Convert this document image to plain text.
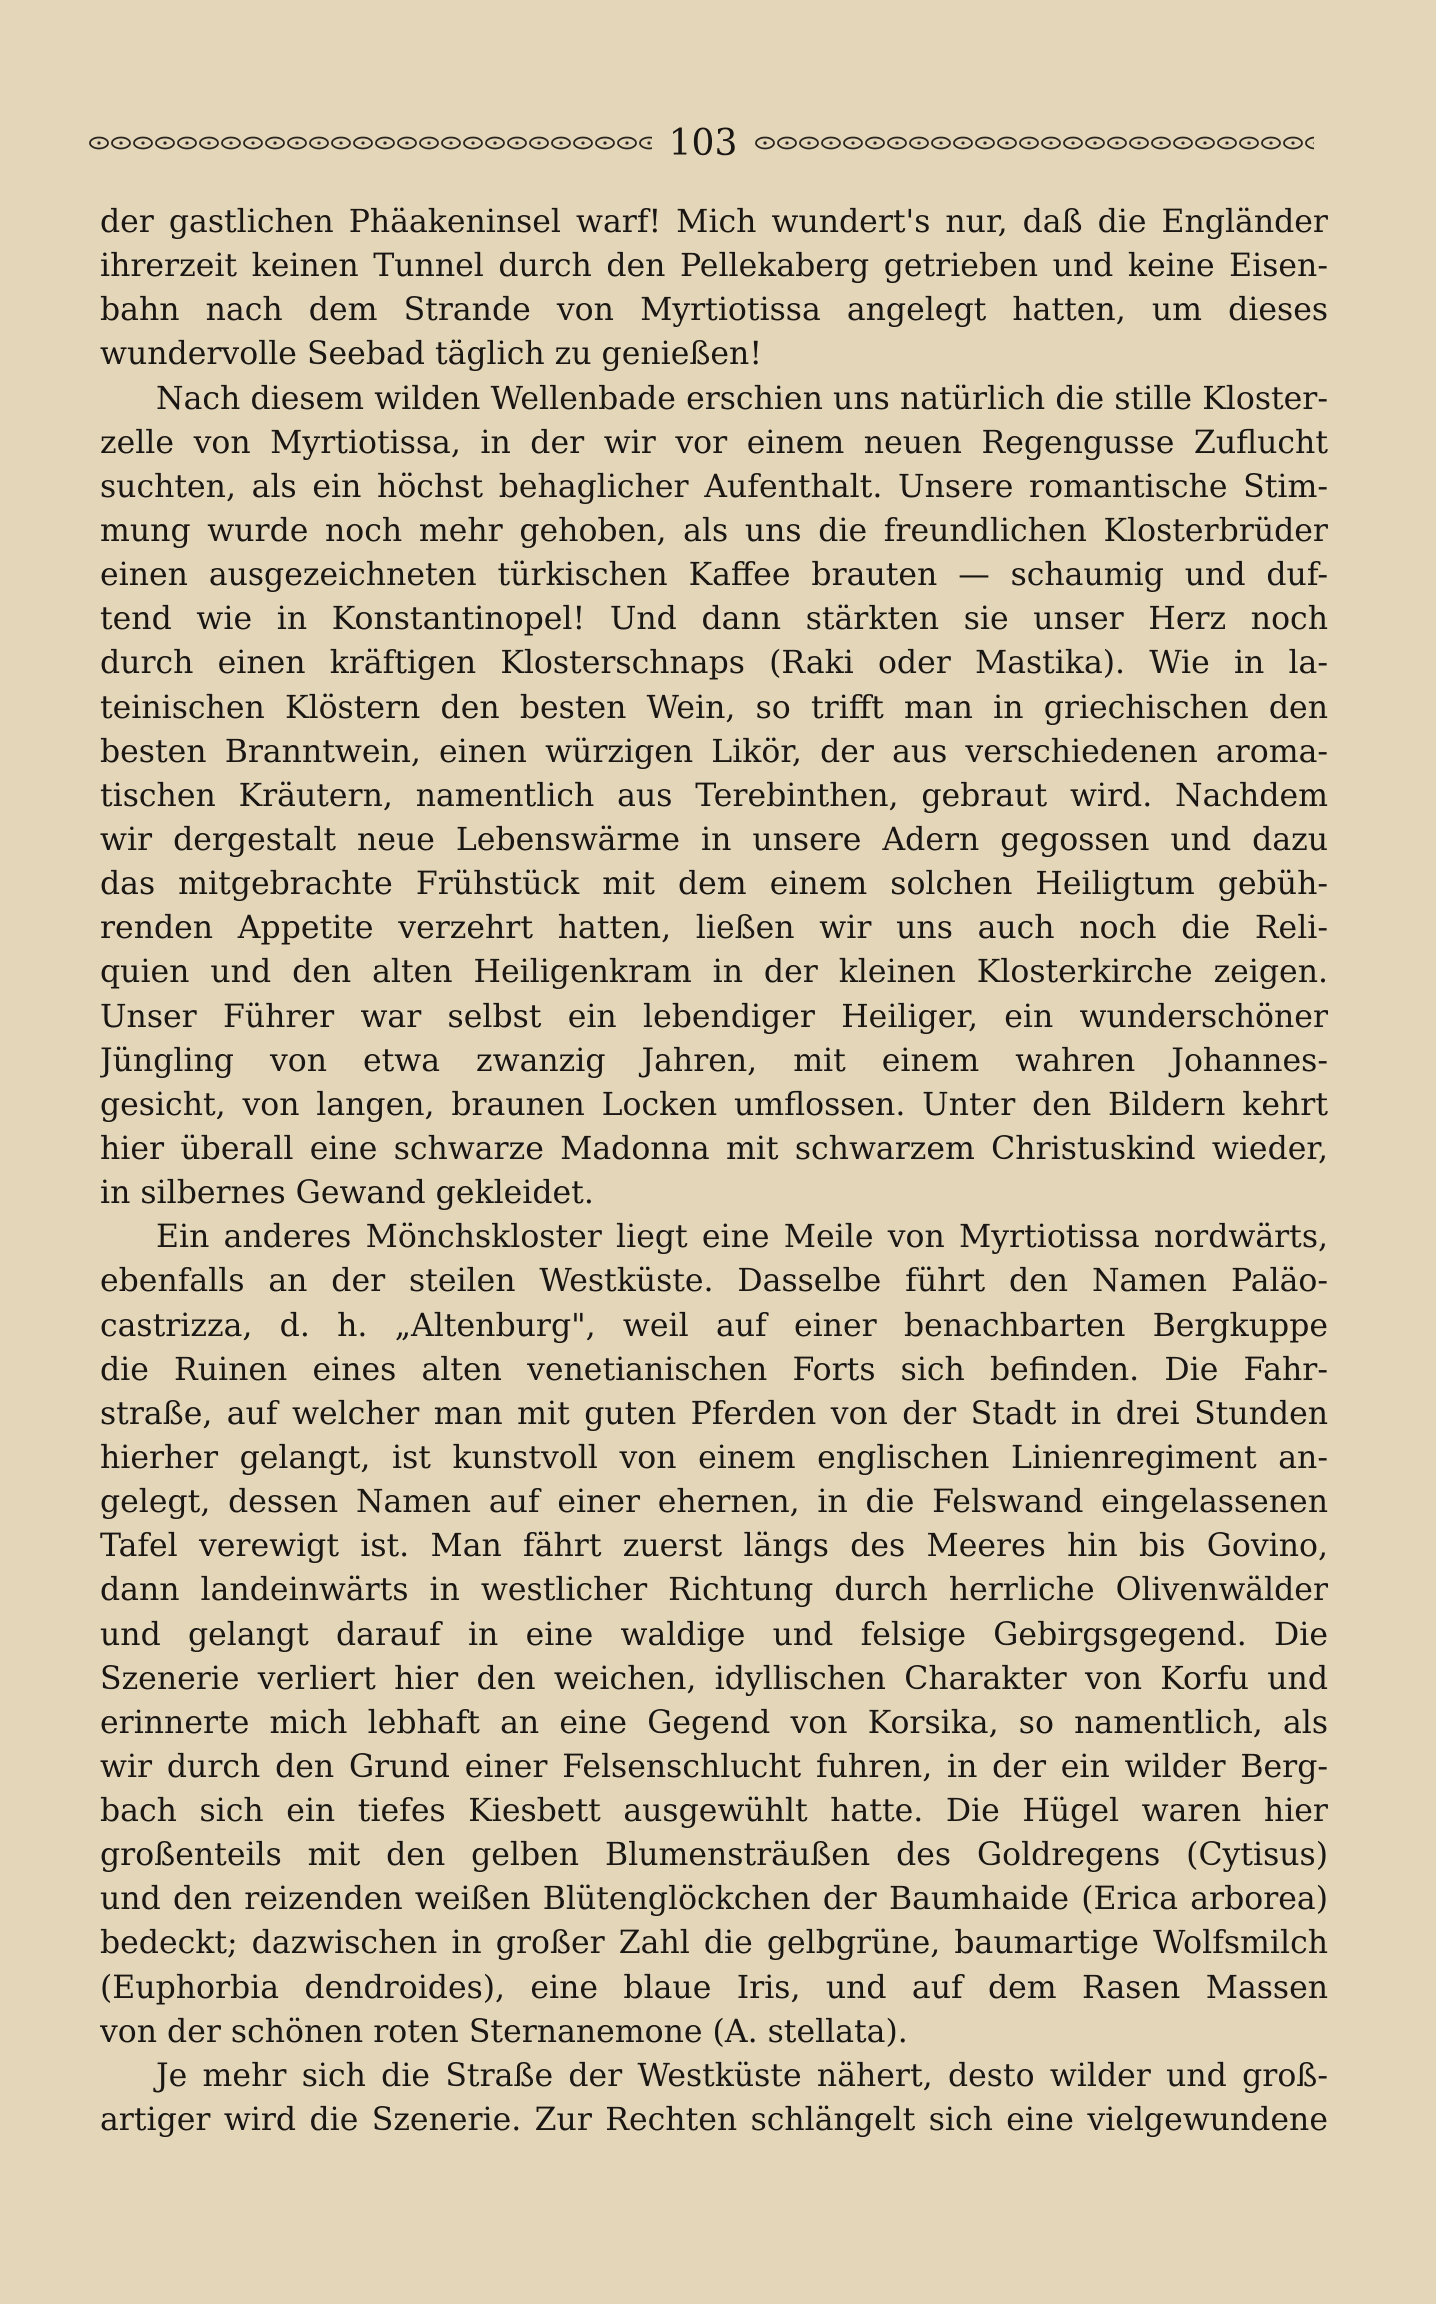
103
der gastlichen Phäakeninsel warf! Mich wundert's nur, daß die Engländer
ihrerzeit keinen Tunnel durch den Pellekaberg getrieben und keine Eisen-
bahn nach dem Strande von Myrtiotissa angelegt hatten, um dieses
wundervolle Seebad täglich zu genießen!
Nach diesem wilden Wellenbade erschien uns natürlich die stille Kloster-
zelle von Myrtiotissa, in der wir vor einem neuen Regengusse Zuflucht
suchten, als ein höchst behaglicher Aufenthalt. Unsere romantische Stim-
mung wurde noch mehr gehoben, als uns die freundlichen Klosterbrüder
einen ausgezeichneten türkischen Kaffee brauten — schaumig und duf-
tend wie in Konstantinopel! Und dann stärkten sie unser Herz noch
durch einen kräftigen Klosterschnaps (Raki oder Mastika). Wie in la-
teinischen Klöstern den besten Wein, so trifft man in griechischen den
besten Branntwein, einen würzigen Likör, der aus verschiedenen aroma-
tischen Kräutern, namentlich aus Terebinthen, gebraut wird. Nachdem
wir dergestalt neue Lebenswärme in unsere Adern gegossen und dazu
das mitgebrachte Frühstück mit dem einem solchen Heiligtum gebüh-
renden Appetite verzehrt hatten, ließen wir uns auch noch die Reli-
quien und den alten Heiligenkram in der kleinen Klosterkirche zeigen.
Unser Führer war selbst ein lebendiger Heiliger, ein wunderschöner
Jüngling von etwa zwanzig Jahren, mit einem wahren Johannes-
gesicht, von langen, braunen Locken umflossen. Unter den Bildern kehrt
hier überall eine schwarze Madonna mit schwarzem Christuskind wieder,
in silbernes Gewand gekleidet.
Ein anderes Mönchskloster liegt eine Meile von Myrtiotissa nordwärts,
ebenfalls an der steilen Westküste. Dasselbe führt den Namen Paläo-
castrizza, d. h. „Altenburg", weil auf einer benachbarten Bergkuppe
die Ruinen eines alten venetianischen Forts sich befinden. Die Fahr-
straße, auf welcher man mit guten Pferden von der Stadt in drei Stunden
hierher gelangt, ist kunstvoll von einem englischen Linienregiment an-
gelegt, dessen Namen auf einer ehernen, in die Felswand eingelassenen
Tafel verewigt ist. Man fährt zuerst längs des Meeres hin bis Govino,
dann landeinwärts in westlicher Richtung durch herrliche Olivenwälder
und gelangt darauf in eine waldige und felsige Gebirgsgegend. Die
Szenerie verliert hier den weichen, idyllischen Charakter von Korfu und
erinnerte mich lebhaft an eine Gegend von Korsika, so namentlich, als
wir durch den Grund einer Felsenschlucht fuhren, in der ein wilder Berg-
bach sich ein tiefes Kiesbett ausgewühlt hatte. Die Hügel waren hier
großenteils mit den gelben Blumensträußen des Goldregens (Cytisus)
und den reizenden weißen Blütenglöckchen der Baumhaide (Erica arborea)
bedeckt; dazwischen in großer Zahl die gelbgrüne, baumartige Wolfsmilch
(Euphorbia dendroides), eine blaue Iris, und auf dem Rasen Massen
von der schönen roten Sternanemone (A. stellata).
Je mehr sich die Straße der Westküste nähert, desto wilder und groß-
artiger wird die Szenerie. Zur Rechten schlängelt sich eine vielgewundene
